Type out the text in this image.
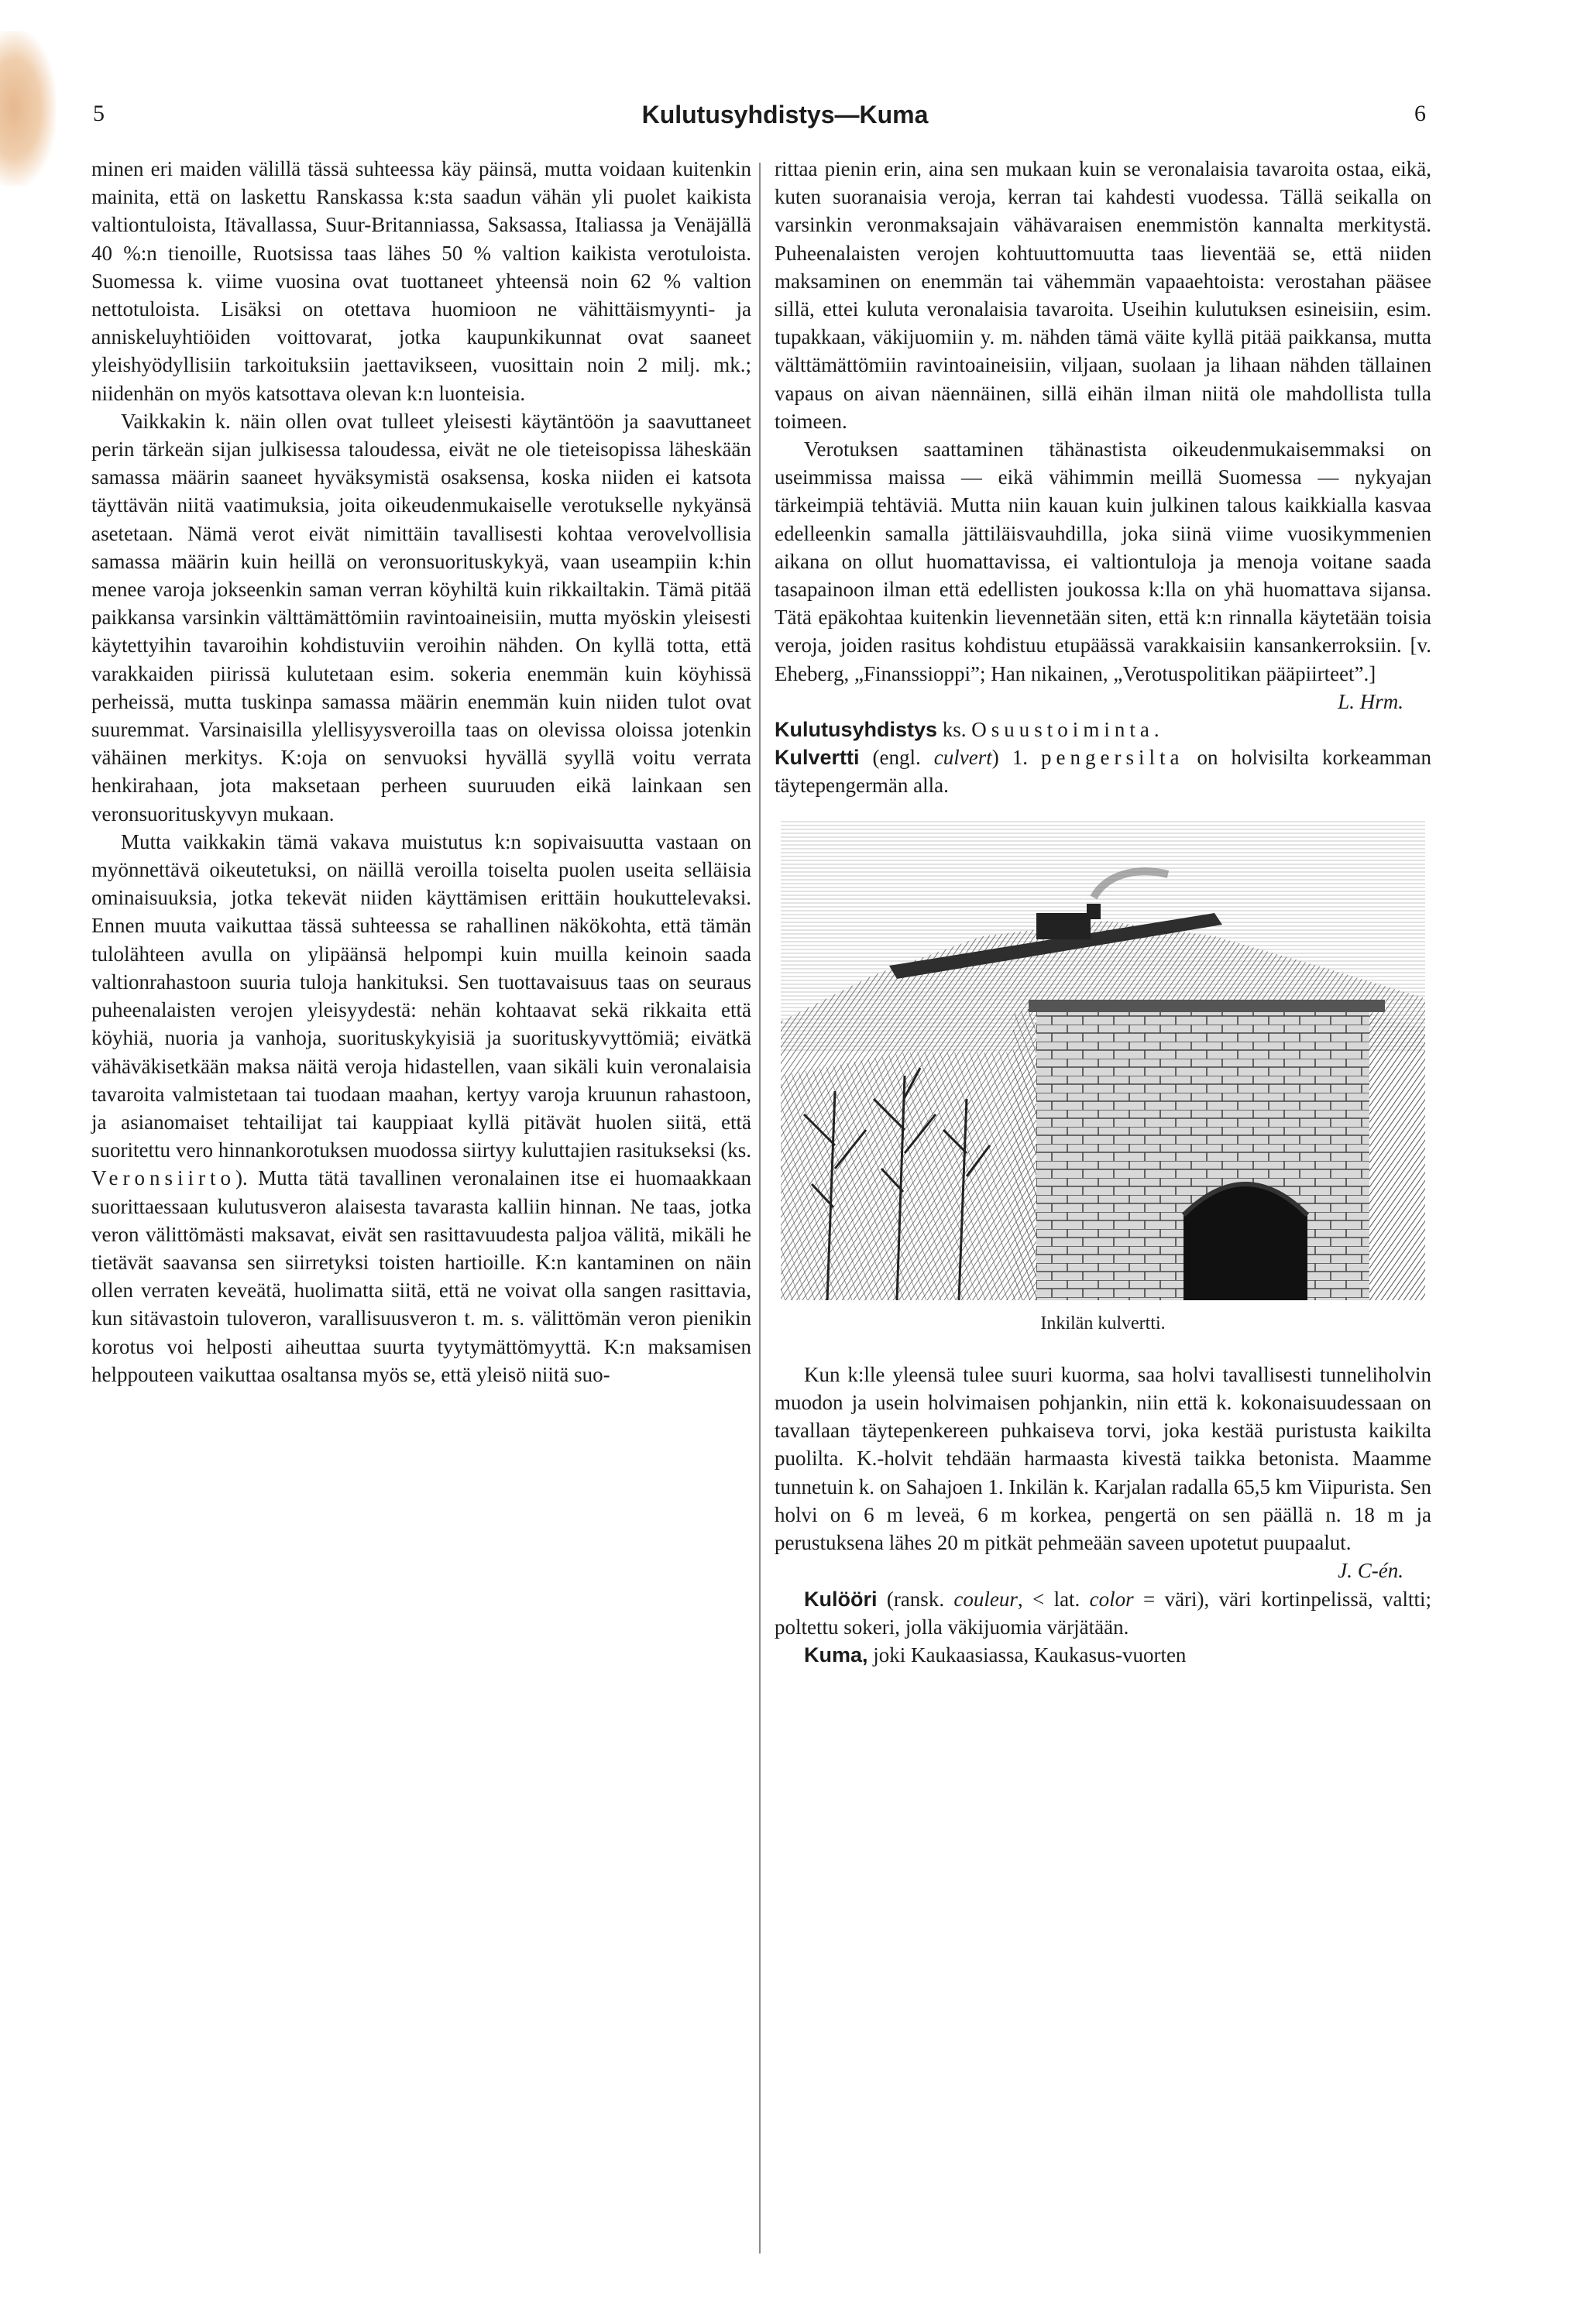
5	Kulutusyhdistys—Kuma	6

minen eri maiden välillä tässä suhteessa käy päinsä, mutta voidaan kuitenkin mainita, että on laskettu Ranskassa k:sta saadun vähän yli puolet kaikista valtiontuloista, Itävallassa, Suur-Britanniassa, Saksassa, Italiassa ja Venäjällä 40 %:n tienoille, Ruotsissa taas lähes 50 % valtion kaikista verotuloista. Suomessa k. viime vuosina ovat tuottaneet yhteensä noin 62 % valtion nettotuloista. Lisäksi on otettava huomioon ne vähittäismyynti- ja anniskeluyhtiöiden voittovarat, jotka kaupunkikunnat ovat saaneet yleishyödyllisiin tarkoituksiin jaettavikseen, vuosittain noin 2 milj. mk.; niidenhän on myös katsottava olevan k:n luonteisia.

Vaikkakin k. näin ollen ovat tulleet yleisesti käytäntöön ja saavuttaneet perin tärkeän sijan julkisessa taloudessa, eivät ne ole tieteisopissa läheskään samassa määrin saaneet hyväksymistä osaksensa, koska niiden ei katsota täyttävän niitä vaatimuksia, joita oikeudenmukaiselle verotukselle nykyänsä asetetaan. Nämä verot eivät nimittäin tavallisesti kohtaa verovelvollisia samassa määrin kuin heillä on veronsuorituskykyä, vaan useampiin k:hin menee varoja jokseenkin saman verran köyhiltä kuin rikkailtakin. Tämä pitää paikkansa varsinkin välttämättömiin ravintoaineisiin, mutta myöskin yleisesti käytettyihin tavaroihin kohdistuviin veroihin nähden. On kyllä totta, että varakkaiden piirissä kulutetaan esim. sokeria enemmän kuin köyhissä perheissä, mutta tuskinpa samassa määrin enemmän kuin niiden tulot ovat suuremmat. Varsinaisilla ylellisyysveroilla taas on olevissa oloissa jotenkin vähäinen merkitys. K:oja on senvuoksi hyvällä syyllä voitu verrata henkirahaan, jota maksetaan perheen suuruuden eikä lainkaan sen veronsuorituskyvyn mukaan.

Mutta vaikkakin tämä vakava muistutus k:n sopivaisuutta vastaan on myönnettävä oikeutetuksi, on näillä veroilla toiselta puolen useita selläisia ominaisuuksia, jotka tekevät niiden käyttämisen erittäin houkuttelevaksi. Ennen muuta vaikuttaa tässä suhteessa se rahallinen näkökohta, että tämän tulolähteen avulla on ylipäänsä helpompi kuin muilla keinoin saada valtionrahastoon suuria tuloja hankituksi. Sen tuottavaisuus taas on seuraus puheenalaisten verojen yleisyydestä: nehän kohtaavat sekä rikkaita että köyhiä, nuoria ja vanhoja, suorituskykyisiä ja suorituskyvyttömiä; eivätkä vähäväkisetkään maksa näitä veroja hidastellen, vaan sikäli kuin veronalaisia tavaroita valmistetaan tai tuodaan maahan, kertyy varoja kruunun rahastoon, ja asianomaiset tehtailijat tai kauppiaat kyllä pitävät huolen siitä, että suoritettu vero hinnankorotuksen muodossa siirtyy kuluttajien rasitukseksi (ks. Veronsiirto). Mutta tätä tavallinen veronalainen itse ei huomaakkaan suorittaessaan kulutusveron alaisesta tavarasta kalliin hinnan. Ne taas, jotka veron välittömästi maksavat, eivät sen rasittavuudesta paljoa välitä, mikäli he tietävät saavansa sen siirretyksi toisten hartioille. K:n kantaminen on näin ollen verraten keveätä, huolimatta siitä, että ne voivat olla sangen rasittavia, kun sitävastoin tuloveron, varallisuusveron t. m. s. välittömän veron pienikin korotus voi helposti aiheuttaa suurta tyytymättömyyttä. K:n maksamisen helppouteen vaikuttaa osaltansa myös se, että yleisö niitä suo-

rittaa pienin erin, aina sen mukaan kuin se veronalaisia tavaroita ostaa, eikä, kuten suoranaisia veroja, kerran tai kahdesti vuodessa. Tällä seikalla on varsinkin veronmaksajain vähävaraisen enemmistön kannalta merkitystä. Puheenalaisten verojen kohtuuttomuutta taas lieventää se, että niiden maksaminen on enemmän tai vähemmän vapaaehtoista: verostahan pääsee sillä, ettei kuluta veronalaisia tavaroita. Useihin kulutuksen esineisiin, esim. tupakkaan, väkijuomiin y. m. nähden tämä väite kyllä pitää paikkansa, mutta välttämättömiin ravintoaineisiin, viljaan, suolaan ja lihaan nähden tällainen vapaus on aivan näennäinen, sillä eihän ilman niitä ole mahdollista tulla toimeen.

Verotuksen saattaminen tähänastista oikeudenmukaisemmaksi on useimmissa maissa — eikä vähimmin meillä Suomessa — nykyajan tärkeimpiä tehtäviä. Mutta niin kauan kuin julkinen talous kaikkialla kasvaa edelleenkin samalla jättiläisvauhdilla, joka siinä viime vuosikymmenien aikana on ollut huomattavissa, ei valtiontuloja ja menoja voitane saada tasapainoon ilman että edellisten joukossa k:lla on yhä huomattava sijansa. Tätä epäkohtaa kuitenkin lievennetään siten, että k:n rinnalla käytetään toisia veroja, joiden rasitus kohdistuu etupäässä varakkaisiin kansankerroksiin. [v. Eheberg, „Finanssioppi”; Han nikainen, „Verotuspolitikan pääpiirteet”.]

L. Hrm.

Kulutusyhdistys ks. Osuustoiminta.

Kulvertti (engl. culvert) 1. pengersilta on holvisilta korkeamman täytepengermän alla.

Inkilän kulvertti.

Kun k:lle yleensä tulee suuri kuorma, saa holvi tavallisesti tunneliholvin muodon ja usein holvimaisen pohjankin, niin että k. kokonaisuudessaan on tavallaan täytepenkereen puhkaiseva torvi, joka kestää puristusta kaikilta puolilta. K.-holvit tehdään harmaasta kivestä taikka betonista. Maamme tunnetuin k. on Sahajoen 1. Inkilän k. Karjalan radalla 65,5 km Viipurista. Sen holvi on 6 m leveä, 6 m korkea, pengertä on sen päällä n. 18 m ja perustuksena lähes 20 m pitkät pehmeään saveen upotetut puupaalut.

J. C-én.

Kulööri (ransk. couleur, < lat. color = väri), väri kortinpelissä, valtti; poltettu sokeri, jolla väkijuomia värjätään.

Kuma, joki Kaukaasiassa, Kaukasus-vuorten
